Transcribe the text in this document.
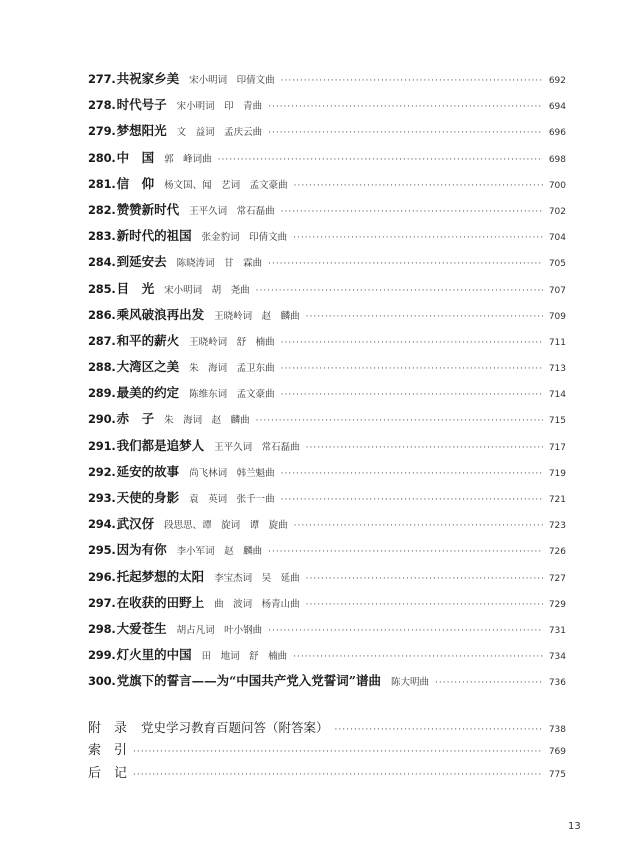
277. 共祝家乡美 宋小明词　印倩文曲 ·····	692
278. 时代号子 宋小明词　印　青曲 ·····	694
279. 梦想阳光 文　益词　孟庆云曲 ·····	696
280. 中　国 郭　峰词曲 ·····	698
281. 信　仰 杨文国、闻　艺词　孟文豪曲 ·····	700
282. 赞赞新时代 王平久词　常石磊曲 ·····	702
283. 新时代的祖国 张金豹词　印倩文曲 ·····	704
284. 到延安去 陈晓涛词　甘　霖曲 ·····	705
285. 目　光 宋小明词　胡　尧曲 ·····	707
286. 乘风破浪再出发 王晓岭词　赵　麟曲 ·····	709
287. 和平的薪火 王晓岭词　舒　楠曲 ·····	711
288. 大湾区之美 朱　海词　孟卫东曲 ·····	713
289. 最美的约定 陈维东词　孟文豪曲 ·····	714
290. 赤　子 朱　海词　赵　麟曲 ·····	715
291. 我们都是追梦人 王平久词　常石磊曲 ·····	717
292. 延安的故事 尚飞林词　韩兰魁曲 ·····	719
293. 天使的身影 袁　英词　张千一曲 ·····	721
294. 武汉伢 段思思、谭　旋词　谭　旋曲 ·····	723
295. 因为有你 李小军词　赵　麟曲 ·····	726
296. 托起梦想的太阳 李宝杰词　吴　延曲 ·····	727
297. 在收获的田野上 曲　波词　杨青山曲 ·····	729
298. 大爱苍生 胡占凡词　叶小钢曲 ·····	731
299. 灯火里的中国 田　地词　舒　楠曲 ·····	734
300. 党旗下的誓言——为“中国共产党入党誓词”谱曲 陈大明曲 ·····	736
附　录 党史学习教育百题问答（附答案） ·····	738
索　引 ·····	769
后　记 ·····	775
13
